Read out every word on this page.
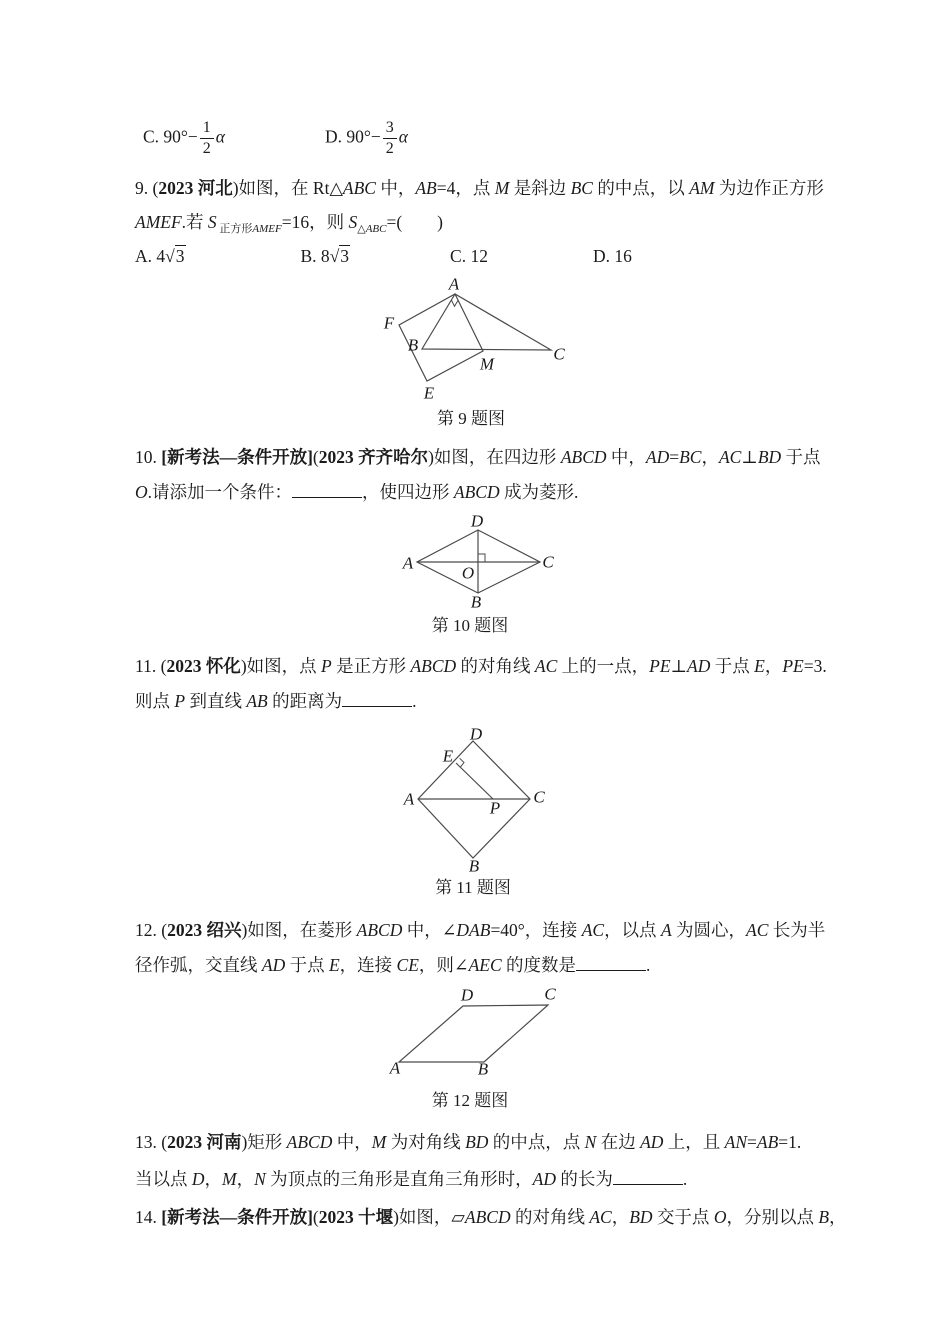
C. $90^\circ- \frac{1}{2}$ α	D. $90^\circ- \frac{3}{2}$ α
9. (2023 河北)如图，在 Rt△ABC 中，AB=4，点 M 是斜边 BC 的中点，以 AM 为边作正方形
AMEF.若 S $_{正方形AMEF}$=16，则 $S_{\triangle ABC}=$(　　)
A. 4√3	B. 8√3	C. 12	D. 16
A
F
B	C
M
E
第 9 题图
10. [新考法—条件开放](2023 齐齐哈尔)如图，在四边形 ABCD 中，AD=BC，AC⊥BD 于点
O.请添加一个条件：	，使四边形 ABCD 成为菱形.
D
A	C
O
B
第 10 题图
11. (2023 怀化)如图，点 P 是正方形 ABCD 的对角线 AC 上的一点，PE⊥AD 于点 E，PE=3.
则点 P 到直线 AB 的距离为	.
D
E
A	C
P
B
第 11 题图
12. (2023 绍兴)如图，在菱形 ABCD 中，∠DAB=40°，连接 AC，以点 A 为圆心，AC 长为半
径作弧，交直线 AD 于点 E，连接 CE，则∠AEC 的度数是	.
D	C
A	B
第 12 题图
13. (2023 河南)矩形 ABCD 中，M 为对角线 BD 的中点，点 N 在边 AD 上，且 AN=AB=1.
当以点 D，M，N 为顶点的三角形是直角三角形时，AD 的长为	.
14. [新考法—条件开放](2023 十堰)如图，▱ABCD 的对角线 AC，BD 交于点 O，分别以点 B，
